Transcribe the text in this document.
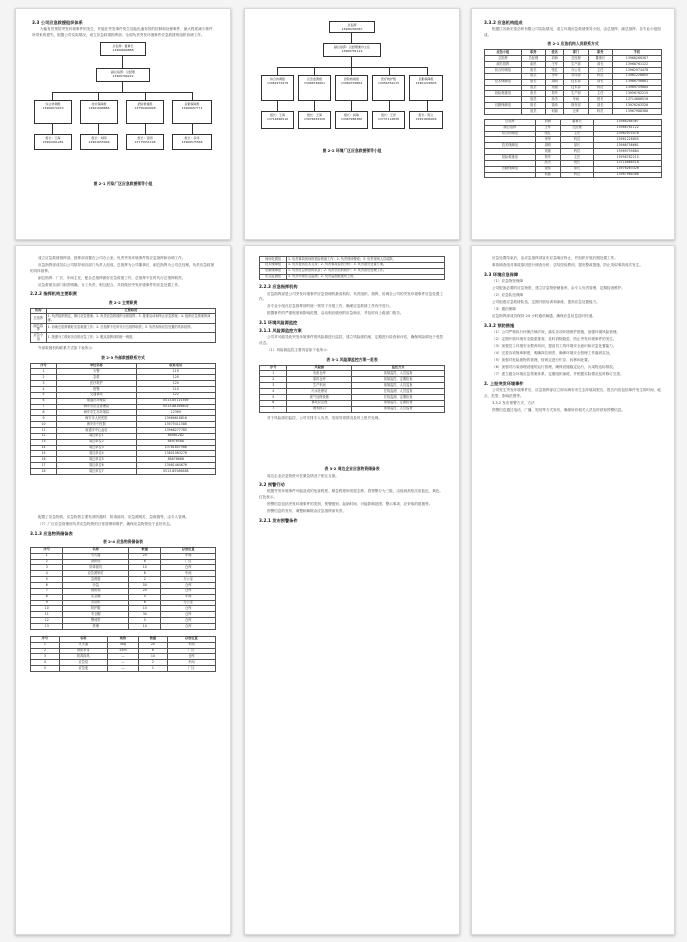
3.3 公司应急救援组织体系

为能有效预防突发环境事件的发生，并能在突发事件发生后能迅速有效的控制和处理事件，最大程度减少事件所带来的损失。根据公司实际情况，成立应急救援指挥部，全面负责突发环境事件应急救援的组织协调工作。

总指挥：董事长
13966666888
副总指挥：总经理
13966766222
综合协调组
13966679970
技术保障组
13961688886
抢险救援组
13756469998
后勤保障组
13966657771
组长：王海
13962961281
组长：刘明
13961655996
组长：张明
13775551198
组长：李涛
13966575566
图 2-1 污染厂区应急救援领导小组
总指挥
13966266367
副总指挥：总经理兼办主任
13966761122
综合协调组
13962974478
应急监测组
13966756661
抢险救援组
13969759884
医疗救护组
13956762215
后勤保障组
13961226805
组长：王海
13714666516
组长：王海
13976263326
组长：杨敏
13967988386
组长：王洋
13737112836
组长：陈立
13951896026
图 2-2 环境厂区应急救援领导小组
3.3.2 应急机构组成

根据江苏新宏泰纺织有限公司实际情况，成立环境应急救援领导小组，由总指挥、副总指挥、各专业小组组成。

表 2-1 应急机构人员联系方式
应急小组	职务	姓名	部门	职务	手机
总指挥	总经理	刘海	总经理	董事长	13966266367
副总指挥	副总	王军	生产部	部长	13966761122
综合协调组	组长	张红	办公室	主任	13962974478
	组员	李军	安环部	科员	13961226805
技术保障组	组长	周明	技术部	部长	13966756661
	组员	吴刚	技术部	科员	13969759884
抢险救援组	组长	郑华	生产部	主任	13956762215
	组员	孙杰	车间	班长	13714666516
后勤保障组	组长	钱伟	财务部	部长	13976263326
	组员	何丽	仓库	科员	13967988386
总指挥	刘海	董事长	13966266367
副总指挥	王军	总经理	13966761122
综合协调组	张红	主任	13962974478
	李军	科员	13961226805
技术保障组	周明	部长	13966756661
	吴刚	科员	13969759884
抢险救援组	郑华	主任	13956762215
	孙杰	班长	13714666516
后勤保障组	钱伟	部长	13976263326
	何丽	科员	13967988386

成立应急救援指挥部，指挥部设置在公司办公室，负责突发环境事件的应急指挥和协调工作。

应急指挥部成员由公司领导和各部门负责人组成，总指挥为公司董事长，副总指挥为公司总经理，负责应急救援的具体指挥。

副总指挥：厂长、车间主任，配合总指挥做好应急救援工作，总指挥不在时代行总指挥职责。

应急救援各部门职责明确，分工负责，相互配合，共同做好突发环境事件的应急处置工作。

2.2.2 指挥机构主要职责
表 2-2 主要职责
机构	主要职责
总指挥	1. 负责组织制定、修订应急预案；2. 负责应急救援的全面指挥；3. 批准启动和终止应急预案；4. 组织应急预案的演练。
副总指挥	1. 协助总指挥做好应急救援工作；2. 总指挥不在时代行总指挥职责；3. 负责现场应急处置的具体指挥。
应急小组	1. 按照分工做好各自的应急工作；2. 服从指挥部的统一调度。

外部救援机构联系方式如下表所示：

表 2-3 外部救援联系方式
序号	单位名称	联系电话
1	火警	119
2	急救	120
3	医疗救护	120
4	报警	110
5	交通事故	122
6	南通市环保局	0513-85115369
7	海安市应急管理局	0513-88169805
8	海安市生态环境局	12369
9	海安市人民医院	13966616816
10	海安市中医院	13575411588
11	南通市中心血站	13966277785
12	周边单位1	88981282
13	周边单位2	88976588
14	周边单位3	13781807566
15	周边单位4	13801963276
16	周边单位5	88676688
17	周边单位6	13981464676
18	周边单位7	0513-85586688

配置了应急物资，应急物资主要有消防器材、防毒面具、应急照明灯、急救箱等，由专人管理。

（7）厂区应急管理部负责应急物资的日常管理和维护，确保应急物资处于良好状态。

3.1.3 应急物资储备表
表 2-4 应急物资储备表
序号	名称	数量	存放位置
1	灭火器	20	车间
2	消防栓	6	厂区
3	防毒面具	10	仓库
4	应急照明灯	8	车间
5	急救箱	2	办公室
6	沙袋	50	仓库
7	吸附棉	20	仓库
8	应急桶	5	车间
9	对讲机	6	办公室
10	防护服	10	仓库
11	安全帽	30	仓库
12	警戒带	5	仓库
13	铁锹	10	仓库
序号	名称	规格	数量	存放位置
1	灭火器	4kg	20	车间
2	消防水带	25m	6	厂区
3	防毒面具	—	10	仓库
4	应急泵	—	2	车间
5	应急池	—	1	厂区
现场处置组	1. 负责事故现场的抢险救援工作；2. 负责现场警戒；3. 负责现场人员疏散。
技术保障组	1. 负责提供技术支持；2. 负责事故原因分析；3. 负责提出处置方案。
后勤保障组	1. 负责应急物资的供应；2. 负责伤员的救护；3. 负责善后处理工作。
应急监测组	1. 负责环境应急监测；2. 负责监测数据的上报。
2.2.3 应急指挥机构

应急指挥部是公司突发环境事件应急管理的最高机构，负责组织、指挥、协调全公司的突发环境事件应急处置工作。

各专业小组在应急指挥部的统一领导下开展工作，确保应急救援工作有序进行。

根据事件的严重程度和影响范围，启动相应级别的应急响应，并及时向上级部门报告。

3.1 环境风险源监控
3.1.1 风险源监控方案

公司对可能导致突发环境事件的风险源进行监控，建立风险源档案，定期进行检查和评估，确保风险源处于受控状态。

（1）风险源监控主要内容如下表所示：

表 3-1 风险源监控方案一览表
序号	风险源	监控方式
1	危废仓库	视频监控、人员巡查
2	原料仓库	视频监控、定期检查
3	生产车间	视频监控、人员巡查
4	污水处理站	在线监测、人员巡查
5	废气处理设施	在线监测、定期检查
6	事故应急池	视频监控、定期检查
7	雨水排口	视频监控、人员巡查

对于风险源的监控，公司安排专人负责，发现异常情况及时上报并处理。

表 3-2 周边企业应急物资储备表

周边企业应急物资可在紧急情况下相互支援。

3.2 预警行动

根据突发环境事件可能造成的危害程度、紧急程度和发展态势，将预警分为三级，由低到高依次用蓝色、黄色、红色表示。

预警信息包括突发环境事件的类别、预警级别、起始时间、可能影响范围、警示事项、应采取的措施等。

预警信息的发布、调整和解除由应急指挥部负责。

3.2.1 发布预警条件

应急处置结束后，由应急指挥部宣布应急响应终止，并组织开展后期处置工作。

事故调查组对事故原因进行调查分析，总结经验教训，提出整改措施，防止类似事故再次发生。

3.3 环境应急保障

（1）应急物资保障

公司配备必要的应急物资，建立应急物资储备库，由专人负责管理，定期检查维护。

（2）应急队伍保障

公司组建应急救援队伍，定期开展培训和演练，提高应急处置能力。

（3）通信保障

应急指挥部成员保持 24 小时通讯畅通，确保应急信息及时传递。

3.3.2 预防措施

（1）公司严格执行环保法律法规，落实各项环境保护措施，加强环境风险管理。

（2）定期开展环境安全隐患排查，及时消除隐患，防止突发环境事件的发生。

（3）加强员工环境安全教育培训，提高员工的环境安全意识和应急处置能力。

（4）完善各项规章制度，明确岗位职责，确保环境安全管理工作落到实处。

（5）加强对危险废物的管理，按规定进行贮存、转移和处置。

（6）加强对污染治理设施的运行管理，确保设施稳定运行，污染物达标排放。

（7）建立健全环境应急预案体系，定期组织演练，并根据实际情况及时修订完善。

2. 上报突发环境事件

公司发生突发环境事件后，应急指挥部应立即向海安市生态环境局报告，报告内容包括事件发生的时间、地点、类型、影响范围等。

3.3.2 发布预警方式、方法

预警信息通过电话、广播、短信等方式发布，确保所有相关人员及时获知预警信息。
